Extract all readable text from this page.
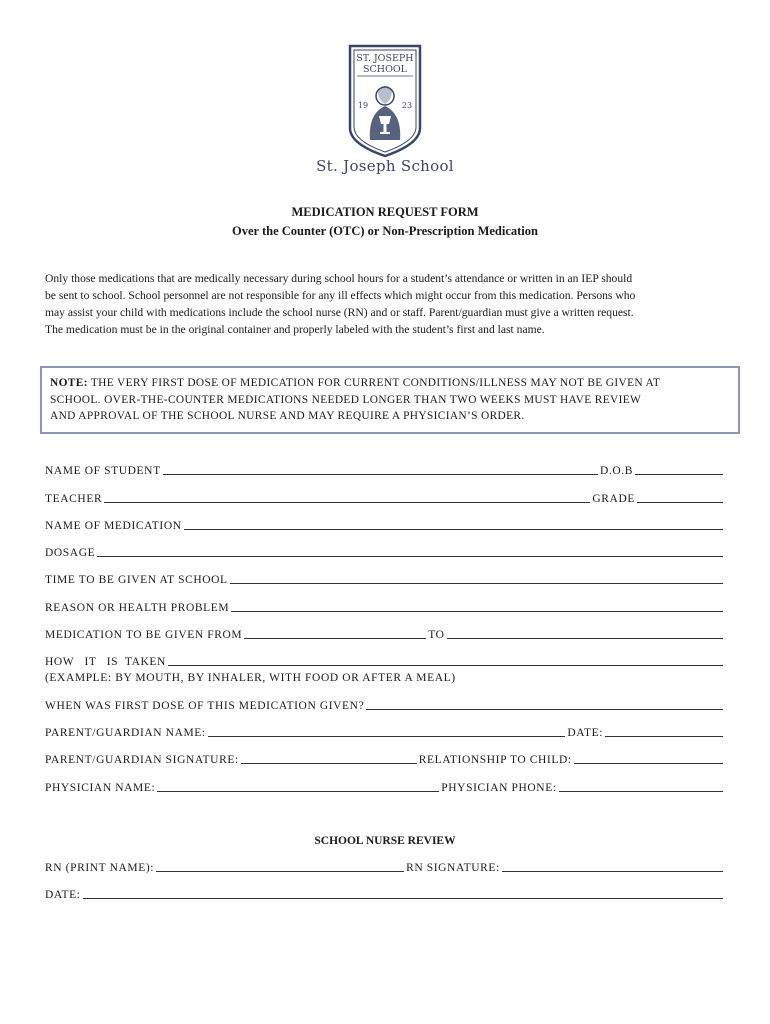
ST. JOSEPH
SCHOOL
19	23
St. Joseph School
MEDICATION REQUEST FORM
Over the Counter (OTC) or Non-Prescription Medication

Only those medications that are medically necessary during school hours for a student’s attendance or written in an IEP should

be sent to school. School personnel are not responsible for any ill effects which might occur from this medication. Persons who

may assist your child with medications include the school nurse (RN) and or staff. Parent/guardian must give a written request.

The medication must be in the original container and properly labeled with the student’s first and last name.

NOTE: THE VERY FIRST DOSE OF MEDICATION FOR CURRENT CONDITIONS/ILLNESS MAY NOT BE GIVEN AT
SCHOOL. OVER-THE-COUNTER MEDICATIONS NEEDED LONGER THAN TWO WEEKS MUST HAVE REVIEW
AND APPROVAL OF THE SCHOOL NURSE AND MAY REQUIRE A PHYSICIAN’S ORDER.
NAME OF STUDENT	D.O.B
TEACHER	GRADE
NAME OF MEDICATION
DOSAGE
TIME TO BE GIVEN AT SCHOOL
REASON OR HEALTH PROBLEM
MEDICATION TO BE GIVEN FROM	TO
HOW   IT   IS  TAKEN
(EXAMPLE: BY MOUTH, BY INHALER, WITH FOOD OR AFTER A MEAL)
WHEN WAS FIRST DOSE OF THIS MEDICATION GIVEN?
PARENT/GUARDIAN NAME:	DATE:
PARENT/GUARDIAN SIGNATURE:	RELATIONSHIP TO CHILD:
PHYSICIAN NAME:	PHYSICIAN PHONE:
SCHOOL NURSE REVIEW
RN (PRINT NAME):	RN SIGNATURE:
DATE:
